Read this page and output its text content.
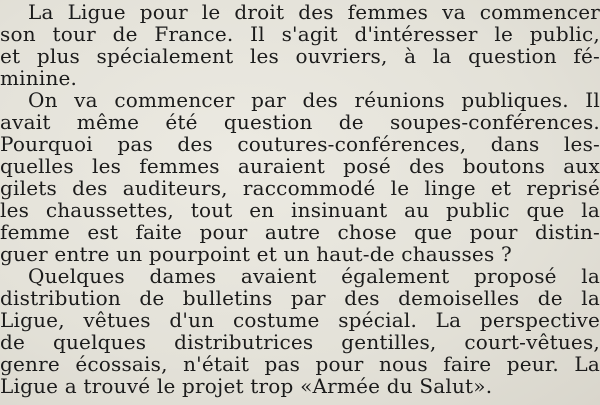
La Ligue pour le droit des femmes va commencer
son tour de France. Il s'agit d'intéresser le public,
et plus spécialement les ouvriers, à la question fé-
minine.
On va commencer par des réunions publiques. Il
avait même été question de soupes-conférences.
Pourquoi pas des coutures-conférences, dans les-
quelles les femmes auraient posé des boutons aux
gilets des auditeurs, raccommodé le linge et reprisé
les chaussettes, tout en insinuant au public que la
femme est faite pour autre chose que pour distin-
guer entre un pourpoint et un haut-de chausses ?
Quelques dames avaient également proposé la
distribution de bulletins par des demoiselles de la
Ligue, vêtues d'un costume spécial. La perspective
de quelques distributrices gentilles, court-vêtues,
genre écossais, n'était pas pour nous faire peur. La
Ligue a trouvé le projet trop «Armée du Salut».
